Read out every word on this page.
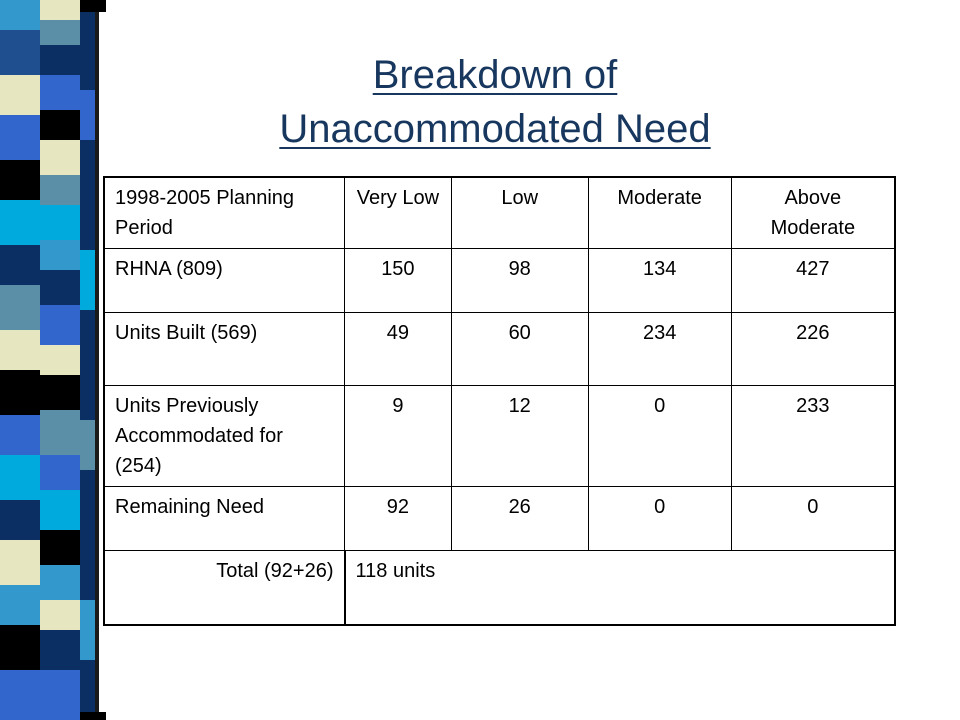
Breakdown of
Unaccommodated Need
1998-2005 Planning Period	Very Low	Low	Moderate	Above Moderate
RHNA (809)	150	98	134	427
Units Built (569)	49	60	234	226
Units Previously Accommodated for (254)	9	12	0	233
Remaining Need	92	26	0	0
Total (92+26)	118 units			
